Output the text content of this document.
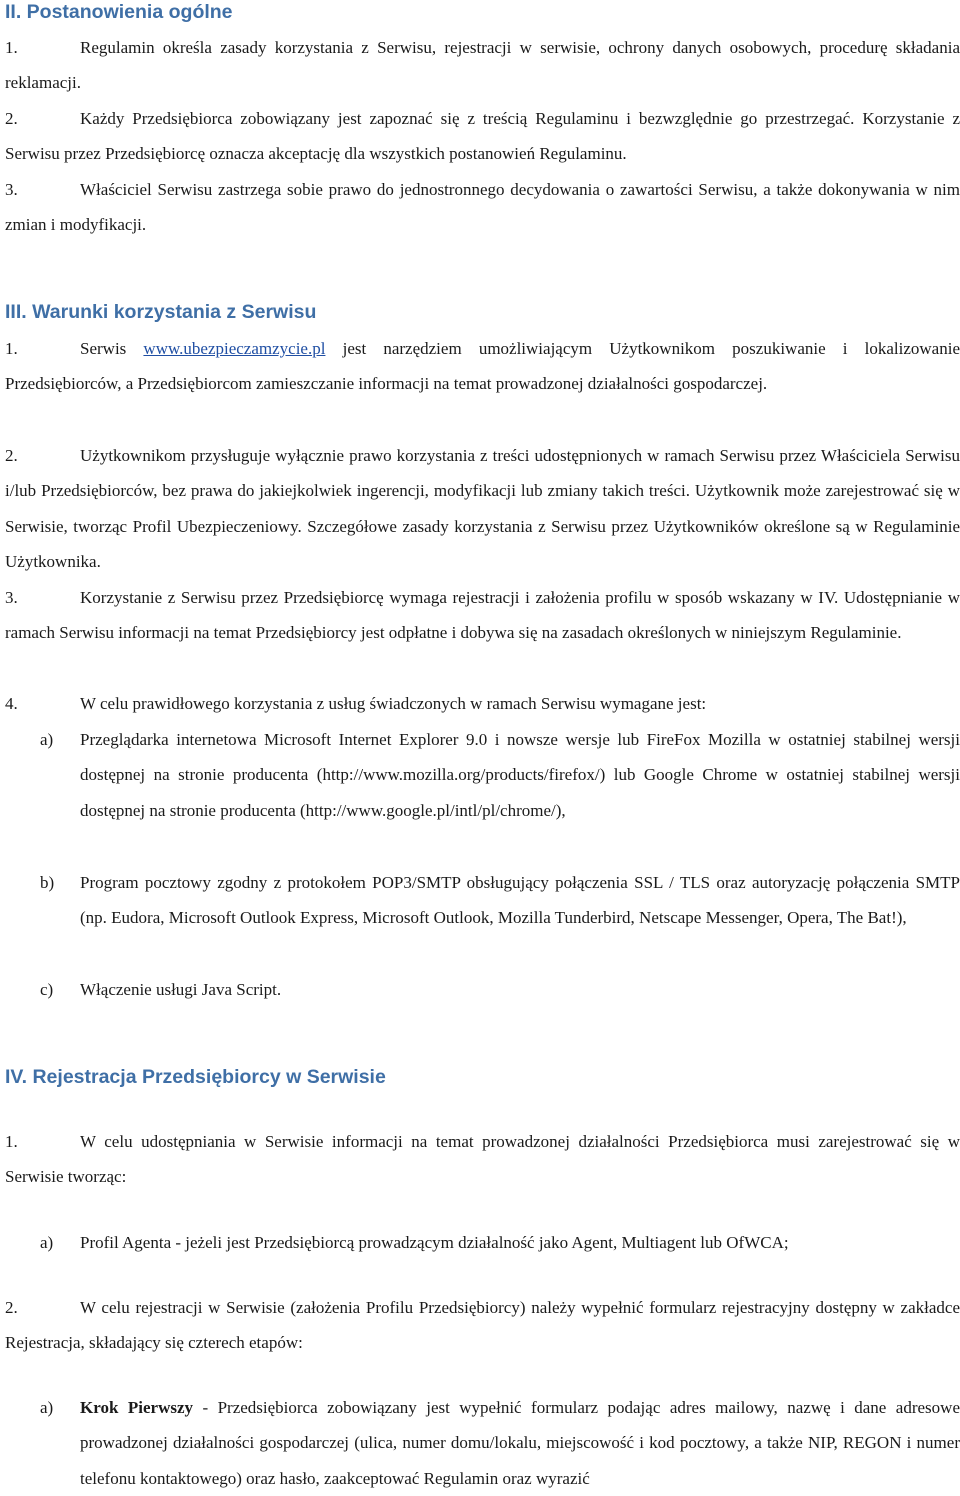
II. Postanowienia ogólne

1.	Regulamin określa zasady korzystania z Serwisu, rejestracji w serwisie, ochrony danych osobowych, procedurę składania reklamacji.

2.	Każdy Przedsiębiorca zobowiązany jest zapoznać się z treścią Regulaminu i bezwzględnie go przestrzegać. Korzystanie z Serwisu przez Przedsiębiorcę oznacza akceptację dla wszystkich postanowień Regulaminu.

3.	Właściciel Serwisu zastrzega sobie prawo do jednostronnego decydowania o zawartości Serwisu, a także dokonywania w nim zmian i modyfikacji.

III. Warunki korzystania z Serwisu

1.	Serwis www.ubezpieczamzycie.pl jest narzędziem umożliwiającym Użytkownikom poszukiwanie i lokalizowanie Przedsiębiorców, a Przedsiębiorcom zamieszczanie informacji na temat prowadzonej działalności gospodarczej.

2.	Użytkownikom przysługuje wyłącznie prawo korzystania z treści udostępnionych w ramach Serwisu przez Właściciela Serwisu i/lub Przedsiębiorców, bez prawa do jakiejkolwiek ingerencji, modyfikacji lub zmiany takich treści. Użytkownik może zarejestrować się w Serwisie, tworząc Profil Ubezpieczeniowy. Szczegółowe zasady korzystania z Serwisu przez Użytkowników określone są w Regulaminie Użytkownika.

3.	Korzystanie z Serwisu przez Przedsiębiorcę wymaga rejestracji i założenia profilu w sposób wskazany w IV. Udostępnianie w ramach Serwisu informacji na temat Przedsiębiorcy jest odpłatne i dobywa się na zasadach określonych w niniejszym Regulaminie.

4.	W celu prawidłowego korzystania z usług świadczonych w ramach Serwisu wymagane jest:

a) Przeglądarka internetowa Microsoft Internet Explorer 9.0 i nowsze wersje lub FireFox Mozilla w ostatniej stabilnej wersji dostępnej na stronie producenta (http://www.mozilla.org/products/firefox/) lub Google Chrome w ostatniej stabilnej wersji dostępnej na stronie producenta (http://www.google.pl/intl/pl/chrome/),
b) Program pocztowy zgodny z protokołem POP3/SMTP obsługujący połączenia SSL / TLS oraz autoryzację połączenia SMTP (np. Eudora, Microsoft Outlook Express, Microsoft Outlook, Mozilla Tunderbird, Netscape Messenger, Opera, The Bat!),
c) Włączenie usługi Java Script.
IV. Rejestracja Przedsiębiorcy w Serwisie

1.	W celu udostępniania w Serwisie informacji na temat prowadzonej działalności Przedsiębiorca musi zarejestrować się w Serwisie tworząc:

a) Profil Agenta - jeżeli jest Przedsiębiorcą prowadzącym działalność jako Agent, Multiagent lub OfWCA;

2.	W celu rejestracji w Serwisie (założenia Profilu Przedsiębiorcy) należy wypełnić formularz rejestracyjny dostępny w zakładce Rejestracja, składający się czterech etapów:

a) Krok Pierwszy - Przedsiębiorca zobowiązany jest wypełnić formularz podając adres mailowy, nazwę i dane adresowe prowadzonej działalności gospodarczej (ulica, numer domu/lokalu, miejscowość i kod pocztowy, a także NIP, REGON i numer telefonu kontaktowego) oraz hasło, zaakceptować Regulamin oraz wyrazić
